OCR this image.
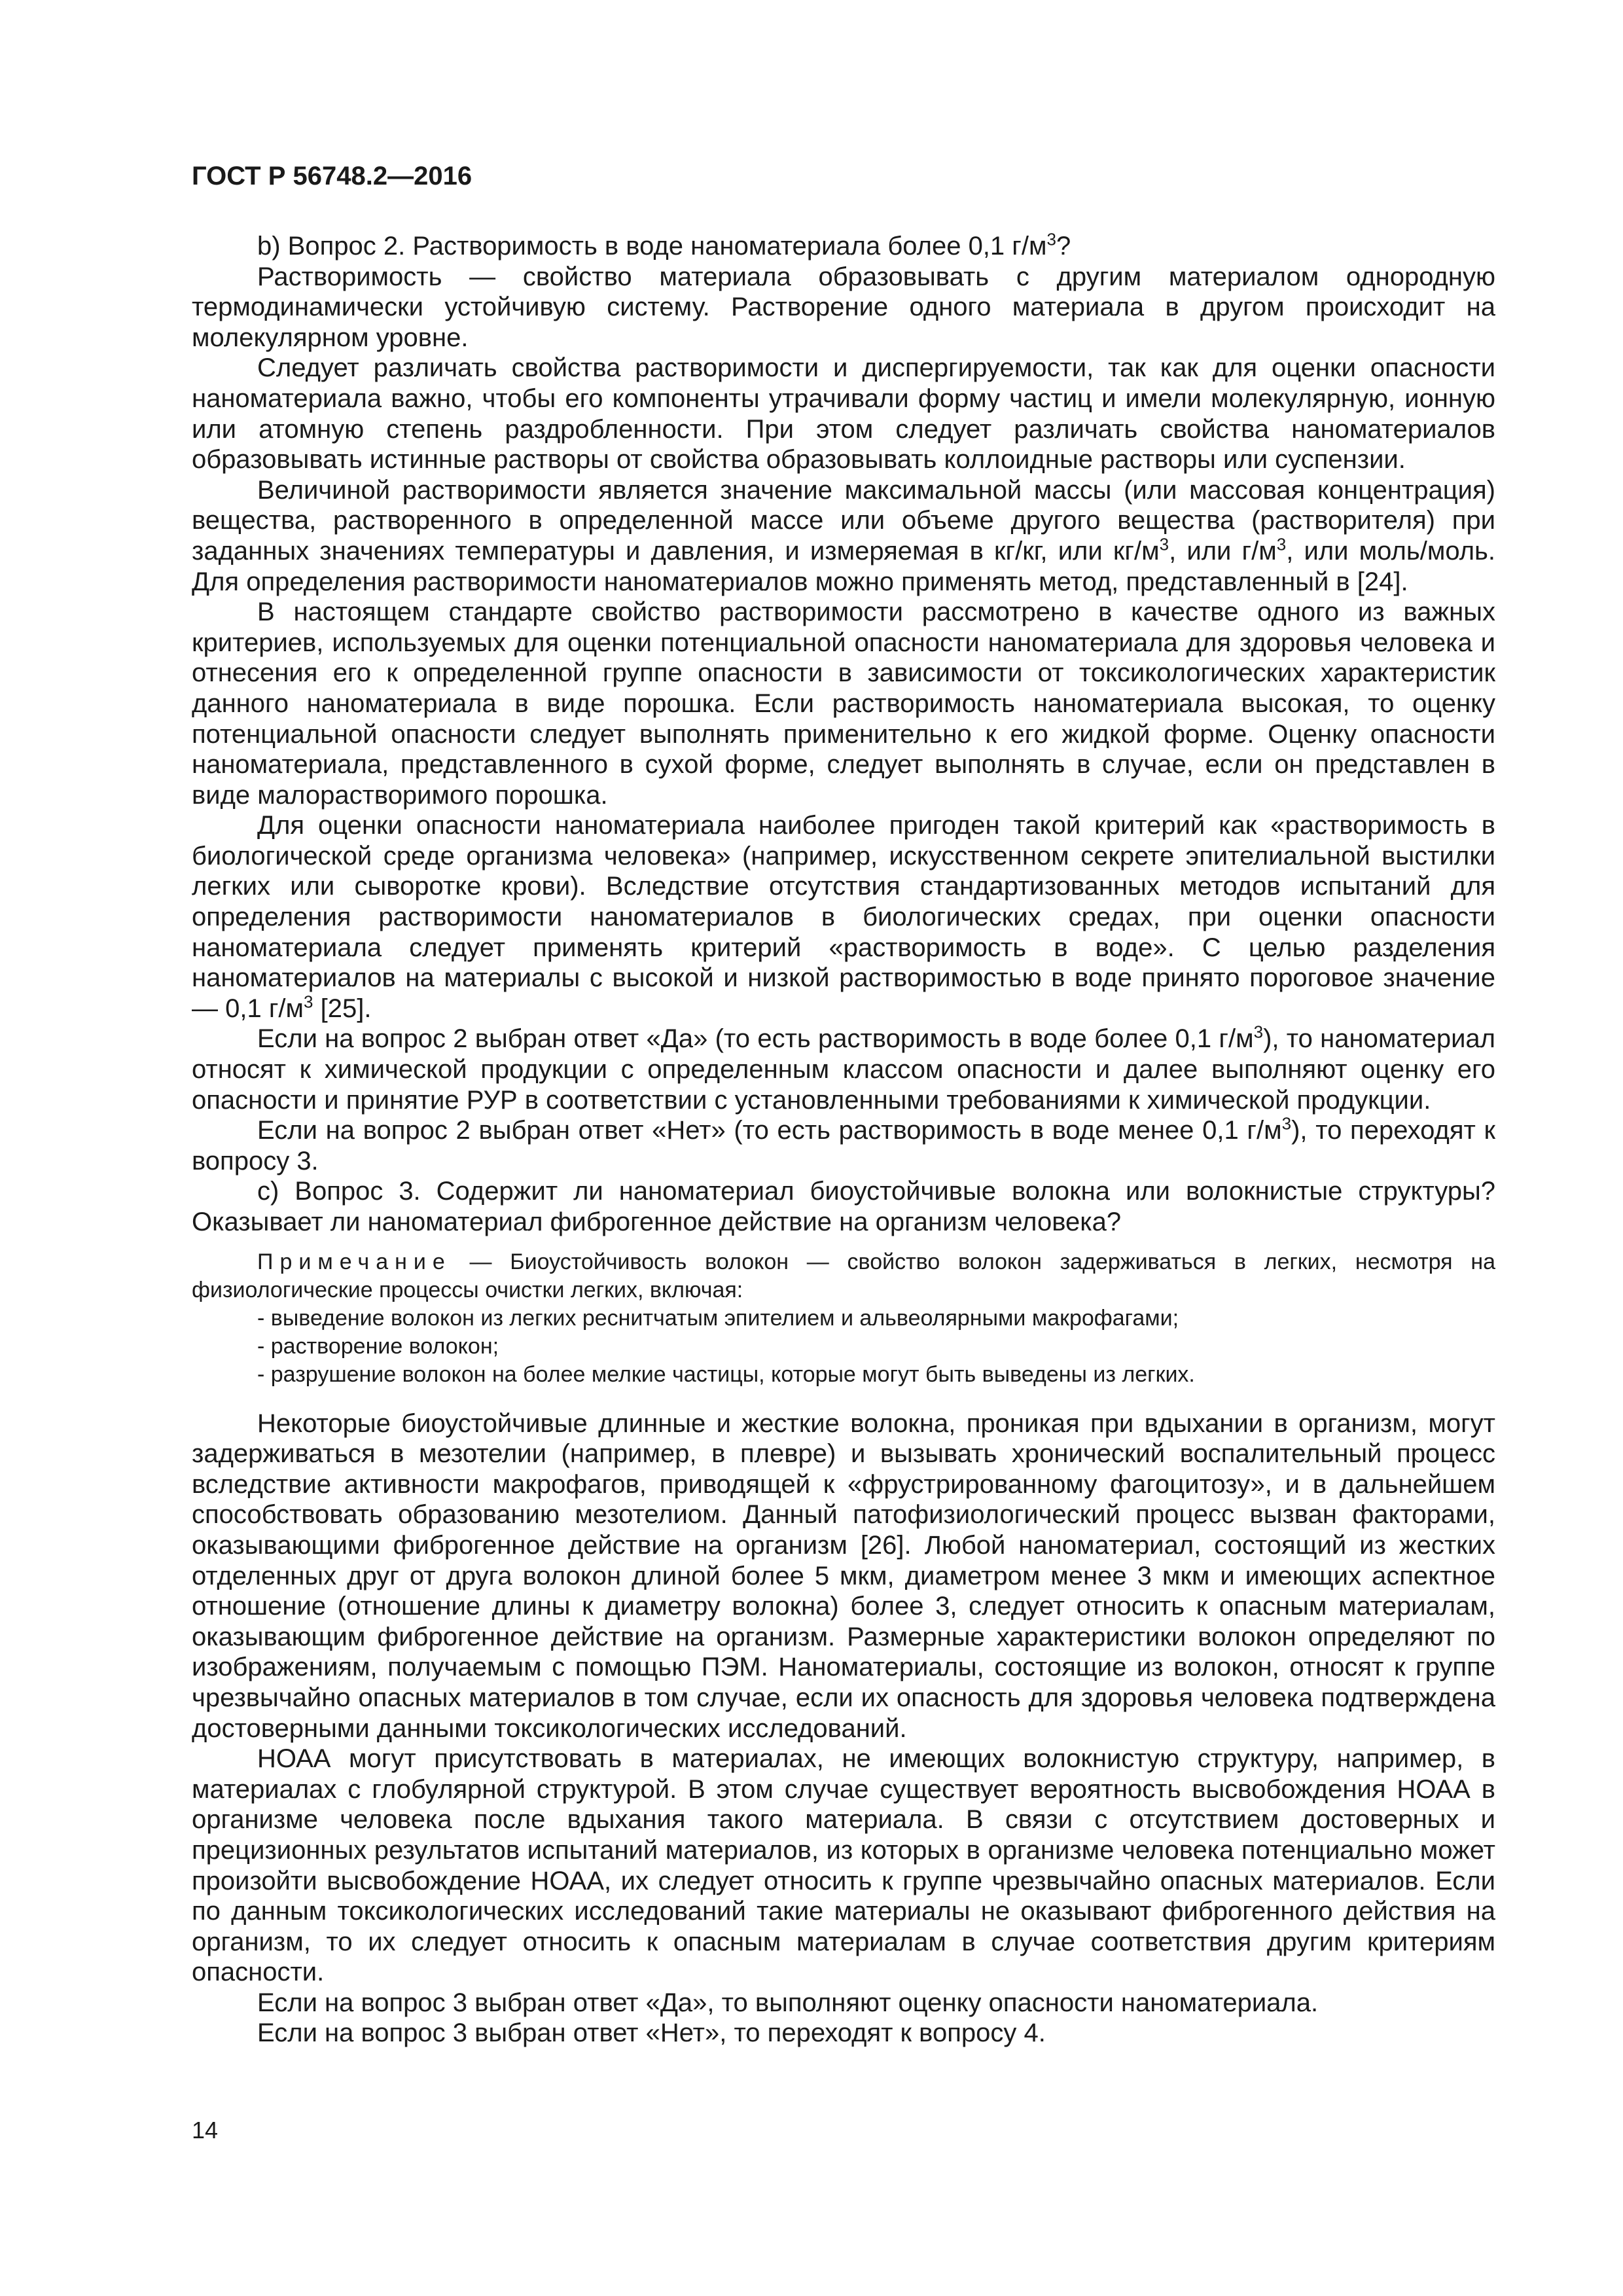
ГОСТ Р 56748.2—2016

b) Вопрос 2. Растворимость в воде наноматериала более 0,1 $г/м^3$?

Растворимость — свойство материала образовывать с другим материалом однородную термодинамически устойчивую систему. Растворение одного материала в другом происходит на молекулярном уровне.

Следует различать свойства растворимости и диспергируемости, так как для оценки опасности наноматериала важно, чтобы его компоненты утрачивали форму частиц и имели молекулярную, ионную или атомную степень раздробленности. При этом следует различать свойства наноматериалов образовывать истинные растворы от свойства образовывать коллоидные растворы или суспензии.

Величиной растворимости является значение максимальной массы (или массовая концентрация) вещества, растворенного в определенной массе или объеме другого вещества (растворителя) при заданных значениях температуры и давления, и измеряемая в кг/кг, или $кг/м^3$, или $г/м^3$, или моль/моль. Для определения растворимости наноматериалов можно применять метод, представленный в [24].

В настоящем стандарте свойство растворимости рассмотрено в качестве одного из важных критериев, используемых для оценки потенциальной опасности наноматериала для здоровья человека и отнесения его к определенной группе опасности в зависимости от токсикологических характеристик данного наноматериала в виде порошка. Если растворимость наноматериала высокая, то оценку потенциальной опасности следует выполнять применительно к его жидкой форме. Оценку опасности наноматериала, представленного в сухой форме, следует выполнять в случае, если он представлен в виде малорастворимого порошка.

Для оценки опасности наноматериала наиболее пригоден такой критерий как «растворимость в биологической среде организма человека» (например, искусственном секрете эпителиальной выстилки легких или сыворотке крови). Вследствие отсутствия стандартизованных методов испытаний для определения растворимости наноматериалов в биологических средах, при оценки опасности наноматериала следует применять критерий «растворимость в воде». С целью разделения наноматериалов на материалы с высокой и низкой растворимостью в воде принято пороговое значение — 0,1 $г/м^3$ [25].

Если на вопрос 2 выбран ответ «Да» (то есть растворимость в воде более 0,1 $г/м^3$), то наноматериал относят к химической продукции с определенным классом опасности и далее выполняют оценку его опасности и принятие РУР в соответствии с установленными требованиями к химической продукции.

Если на вопрос 2 выбран ответ «Нет» (то есть растворимость в воде менее 0,1 $г/м^3$), то переходят к вопросу 3.

c) Вопрос 3. Содержит ли наноматериал биоустойчивые волокна или волокнистые структуры? Оказывает ли наноматериал фиброгенное действие на организм человека?

Примечание — Биоустойчивость волокон — свойство волокон задерживаться в легких, несмотря на физиологические процессы очистки легких, включая:

- выведение волокон из легких реснитчатым эпителием и альвеолярными макрофагами;
- растворение волокон;
- разрушение волокон на более мелкие частицы, которые могут быть выведены из легких.

Некоторые биоустойчивые длинные и жесткие волокна, проникая при вдыхании в организм, могут задерживаться в мезотелии (например, в плевре) и вызывать хронический воспалительный процесс вследствие активности макрофагов, приводящей к «фрустрированному фагоцитозу», и в дальнейшем способствовать образованию мезотелиом. Данный патофизиологический процесс вызван факторами, оказывающими фиброгенное действие на организм [26]. Любой наноматериал, состоящий из жестких отделенных друг от друга волокон длиной более 5 мкм, диаметром менее 3 мкм и имеющих аспектное отношение (отношение длины к диаметру волокна) более 3, следует относить к опасным материалам, оказывающим фиброгенное действие на организм. Размерные характеристики волокон определяют по изображениям, получаемым с помощью ПЭМ. Наноматериалы, состоящие из волокон, относят к группе чрезвычайно опасных материалов в том случае, если их опасность для здоровья человека подтверждена достоверными данными токсикологических исследований.

НОАА могут присутствовать в материалах, не имеющих волокнистую структуру, например, в материалах с глобулярной структурой. В этом случае существует вероятность высвобождения НОАА в организме человека после вдыхания такого материала. В связи с отсутствием достоверных и прецизионных результатов испытаний материалов, из которых в организме человека потенциально может произойти высвобождение НОАА, их следует относить к группе чрезвычайно опасных материалов. Если по данным токсикологических исследований такие материалы не оказывают фиброгенного действия на организм, то их следует относить к опасным материалам в случае соответствия другим критериям опасности.

Если на вопрос 3 выбран ответ «Да», то выполняют оценку опасности наноматериала.

Если на вопрос 3 выбран ответ «Нет», то переходят к вопросу 4.

14
